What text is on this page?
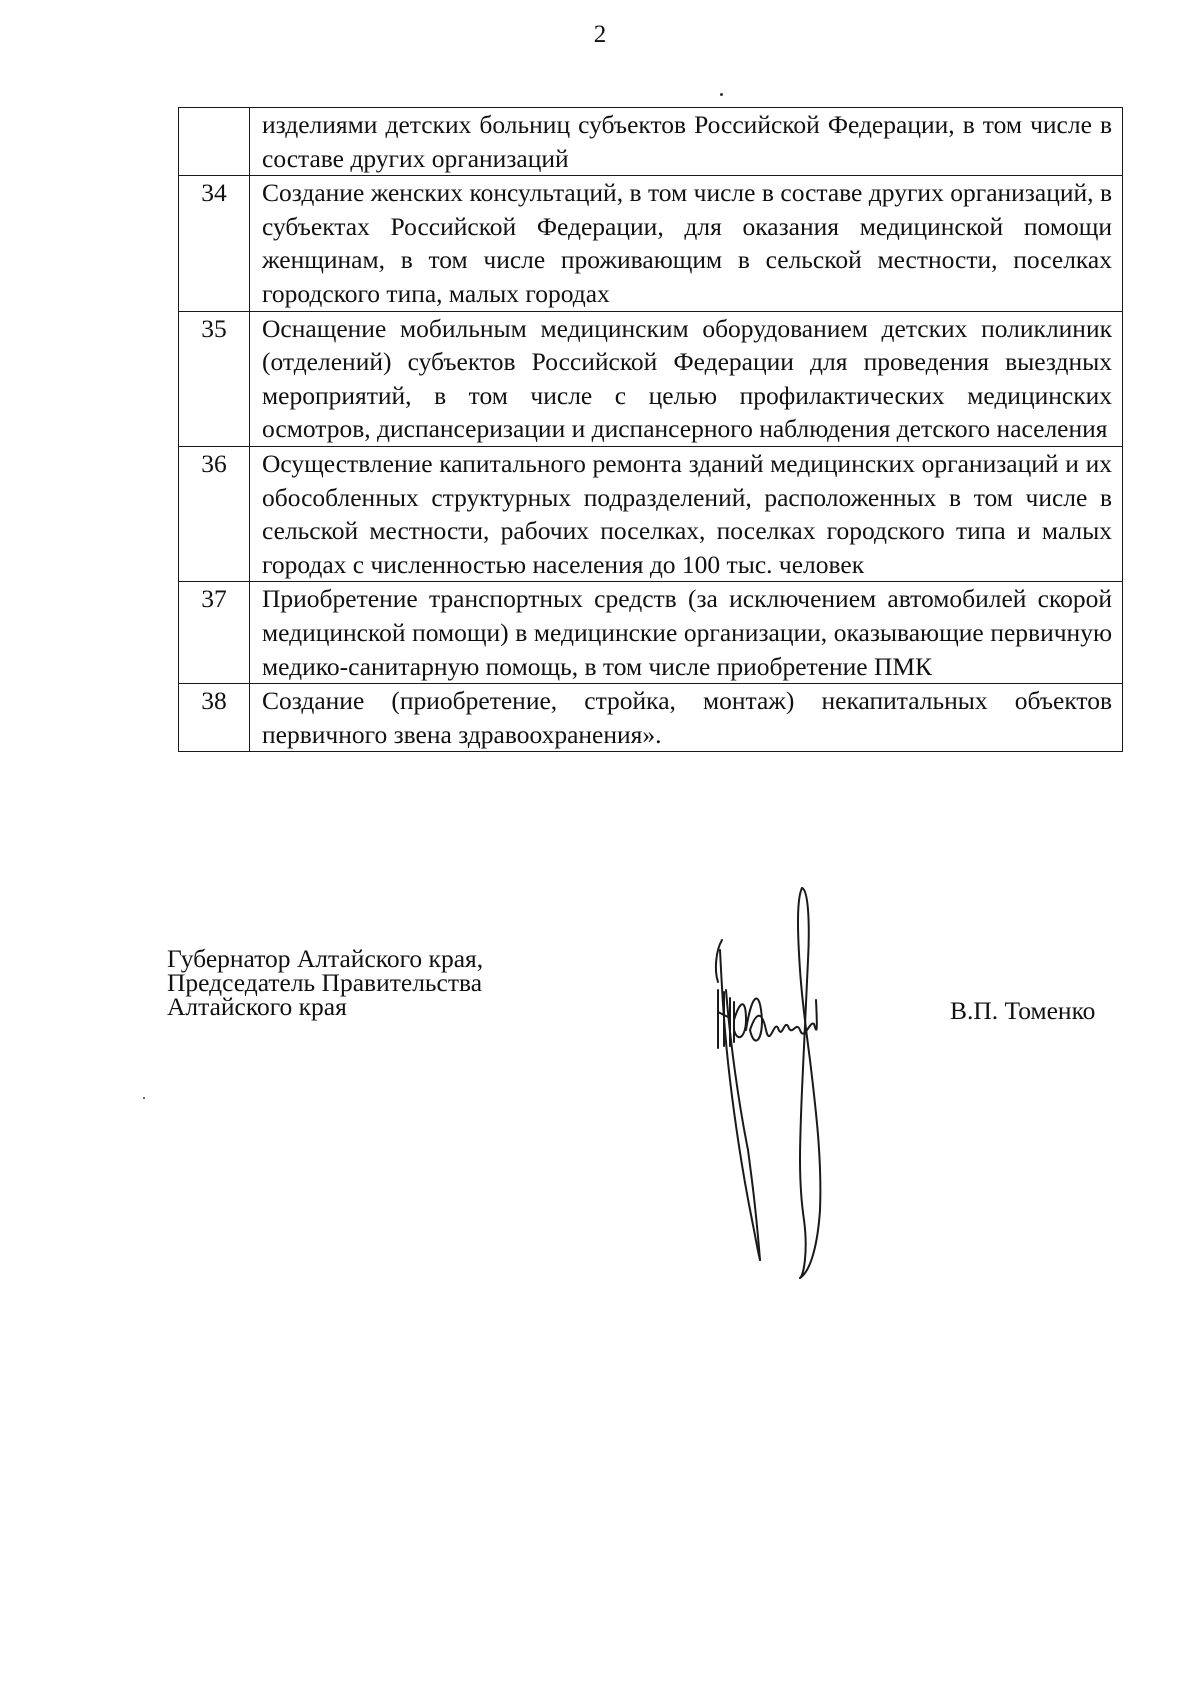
2
	изделиями детских больниц субъектов Российской Федерации, в том числе в составе других организаций
34	Создание женских консультаций, в том числе в составе других организаций, в субъектах Российской Федерации, для оказания медицинской помощи женщинам, в том числе проживающим в сельской местности, поселках городского типа, малых городах
35	Оснащение мобильным медицинским оборудованием детских поликлиник (отделений) субъектов Российской Федерации для проведения выездных мероприятий, в том числе с целью профилактических медицинских осмотров, диспансеризации и диспансерного наблюдения детского населения
36	Осуществление капитального ремонта зданий медицинских организаций и их обособленных структурных подразделений, расположенных в том числе в сельской местности, рабочих поселках, поселках городского типа и малых городах с численностью населения до 100 тыс. человек
37	Приобретение транспортных средств (за исключением автомобилей скорой медицинской помощи) в медицинские организации, оказывающие первичную медико-санитарную помощь, в том числе приобретение ПМК
38	Создание (приобретение, стройка, монтаж) некапитальных объектов первичного звена здравоохранения».
Губернатор Алтайского края,
Председатель Правительства
Алтайского края	В.П. Томенко
